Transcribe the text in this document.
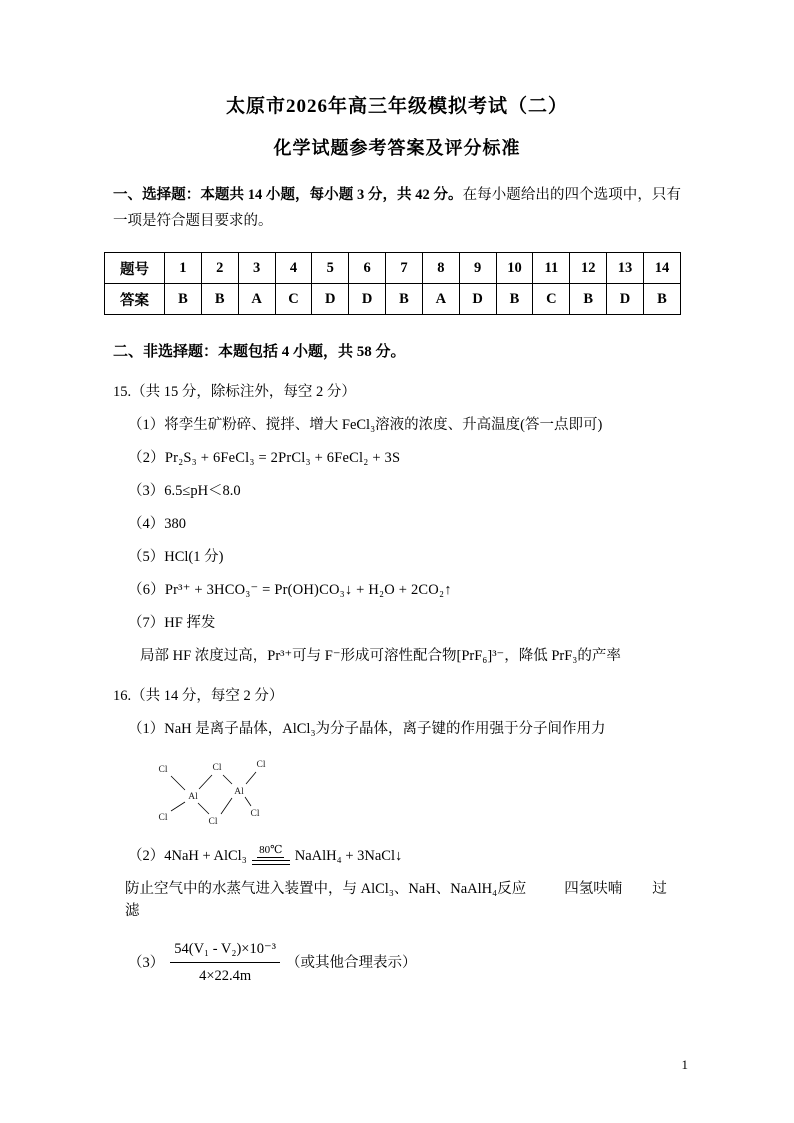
太原市2026年高三年级模拟考试（二）
化学试题参考答案及评分标准

一、选择题：本题共 14 小题，每小题 3 分，共 42 分。在每小题给出的四个选项中，只有一项是符合题目要求的。

题号	1	2	3	4	5	6	7	8	9	10	11	12	13	14
答案	B	B	A	C	D	D	B	A	D	B	C	B	D	B

二、非选择题：本题包括 4 小题，共 58 分。

15.（共 15 分，除标注外，每空 2 分）

（1）将孪生矿粉碎、搅拌、增大 FeCl₃溶液的浓度、升高温度(答一点即可)

（2）Pr₂S₃ + 6FeCl₃ = 2PrCl₃ + 6FeCl₂ + 3S

（3）6.5≤pH＜8.0

（4）380

（5）HCl(1 分)

（6）Pr³⁺ + 3HCO₃⁻ = Pr(OH)CO₃↓ + H₂O + 2CO₂↑

（7）HF 挥发

局部 HF 浓度过高，Pr³⁺可与 F⁻形成可溶性配合物[PrF₆]³⁻，降低 PrF₃的产率

16.（共 14 分，每空 2 分）

（1）NaH 是离子晶体，AlCl₃为分子晶体，离子键的作用强于分子间作用力

Cl	Cl	Cl
Al	Al
Cl	Cl
Cl
（2） 4NaH + AlCl₃ 80℃ NaAlH₄ + 3NaCl↓

防止空气中的水蒸气进入装置中，与 AlCl₃、NaH、NaAlH₄反应	四氢呋喃 过滤

$(3) \frac{\text{54(V₁ - V₂)×10⁻³}}{4\times 22.4m}$ （或其他合理表示）
1
